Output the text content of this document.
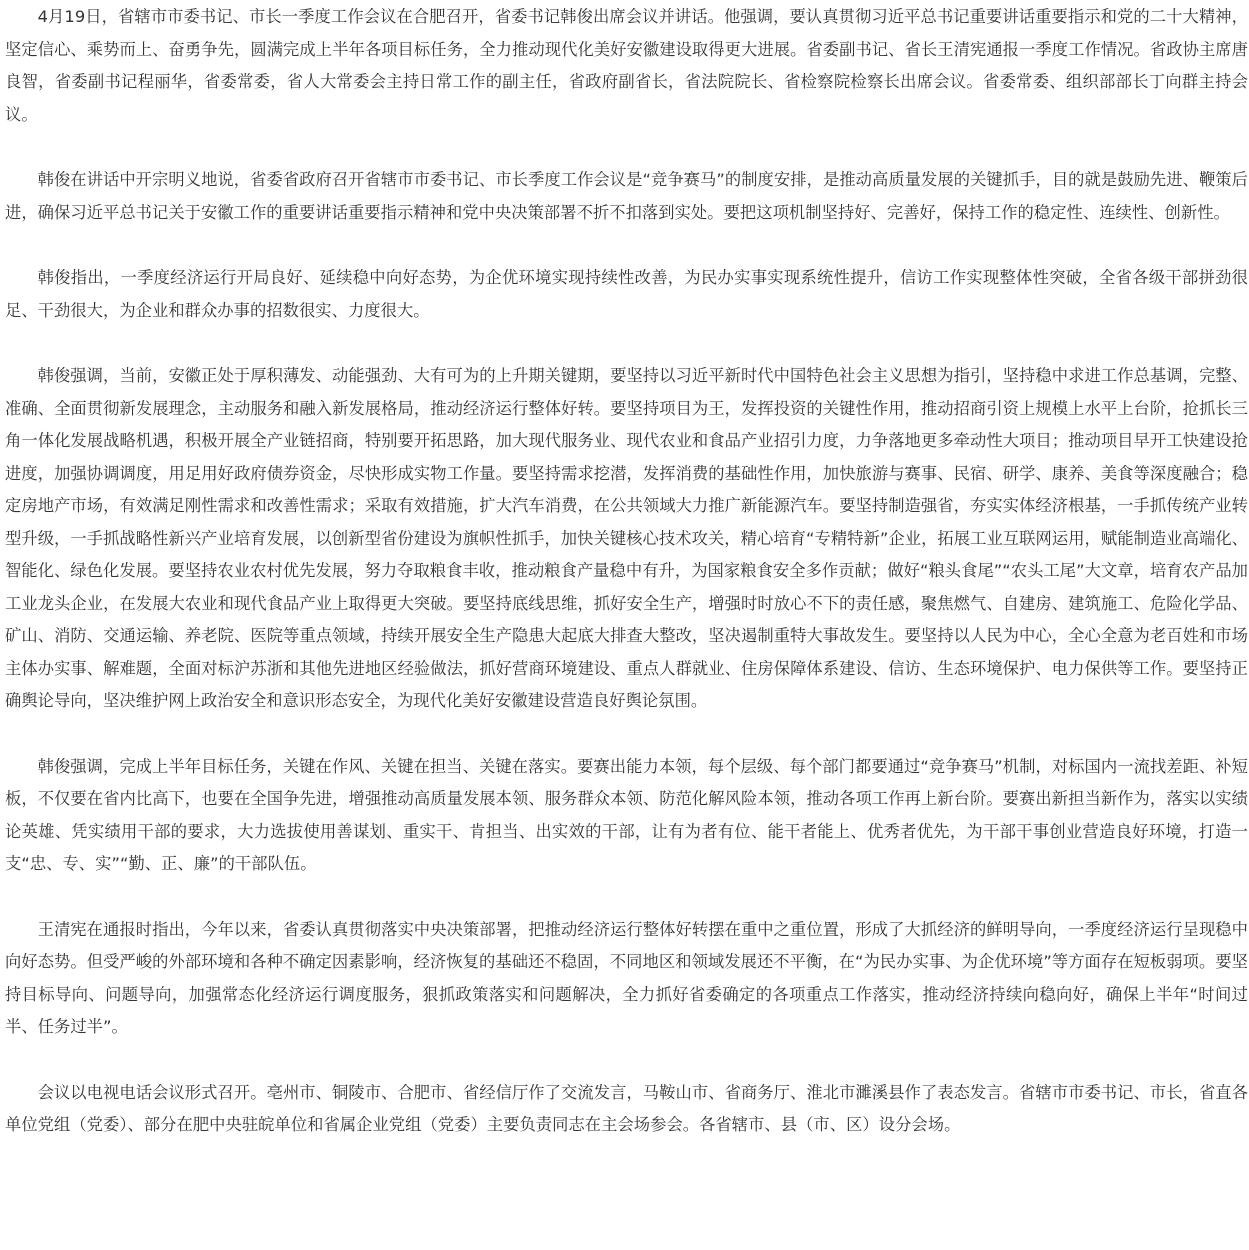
4月19日，省辖市市委书记、市长一季度工作会议在合肥召开，省委书记韩俊出席会议并讲话。他强调，要认真贯彻习近平总书记重要讲话重要指示和党的二十大精神，坚定信心、乘势而上、奋勇争先，圆满完成上半年各项目标任务，全力推动现代化美好安徽建设取得更大进展。省委副书记、省长王清宪通报一季度工作情况。省政协主席唐良智，省委副书记程丽华，省委常委，省人大常委会主持日常工作的副主任，省政府副省长，省法院院长、省检察院检察长出席会议。省委常委、组织部部长丁向群主持会议。

韩俊在讲话中开宗明义地说，省委省政府召开省辖市市委书记、市长季度工作会议是“竞争赛马”的制度安排，是推动高质量发展的关键抓手，目的就是鼓励先进、鞭策后进，确保习近平总书记关于安徽工作的重要讲话重要指示精神和党中央决策部署不折不扣落到实处。要把这项机制坚持好、完善好，保持工作的稳定性、连续性、创新性。

韩俊指出，一季度经济运行开局良好、延续稳中向好态势，为企优环境实现持续性改善，为民办实事实现系统性提升，信访工作实现整体性突破，全省各级干部拼劲很足、干劲很大，为企业和群众办事的招数很实、力度很大。

韩俊强调，当前，安徽正处于厚积薄发、动能强劲、大有可为的上升期关键期，要坚持以习近平新时代中国特色社会主义思想为指引，坚持稳中求进工作总基调，完整、准确、全面贯彻新发展理念，主动服务和融入新发展格局，推动经济运行整体好转。要坚持项目为王，发挥投资的关键性作用，推动招商引资上规模上水平上台阶，抢抓长三角一体化发展战略机遇，积极开展全产业链招商，特别要开拓思路，加大现代服务业、现代农业和食品产业招引力度，力争落地更多牵动性大项目；推动项目早开工快建设抢进度，加强协调调度，用足用好政府债券资金，尽快形成实物工作量。要坚持需求挖潜，发挥消费的基础性作用，加快旅游与赛事、民宿、研学、康养、美食等深度融合；稳定房地产市场，有效满足刚性需求和改善性需求；采取有效措施，扩大汽车消费，在公共领域大力推广新能源汽车。要坚持制造强省，夯实实体经济根基，一手抓传统产业转型升级，一手抓战略性新兴产业培育发展，以创新型省份建设为旗帜性抓手，加快关键核心技术攻关，精心培育“专精特新”企业，拓展工业互联网运用，赋能制造业高端化、智能化、绿色化发展。要坚持农业农村优先发展，努力夺取粮食丰收，推动粮食产量稳中有升，为国家粮食安全多作贡献；做好“粮头食尾”“农头工尾”大文章，培育农产品加工业龙头企业，在发展大农业和现代食品产业上取得更大突破。要坚持底线思维，抓好安全生产，增强时时放心不下的责任感，聚焦燃气、自建房、建筑施工、危险化学品、矿山、消防、交通运输、养老院、医院等重点领域，持续开展安全生产隐患大起底大排查大整改，坚决遏制重特大事故发生。要坚持以人民为中心，全心全意为老百姓和市场主体办实事、解难题，全面对标沪苏浙和其他先进地区经验做法，抓好营商环境建设、重点人群就业、住房保障体系建设、信访、生态环境保护、电力保供等工作。要坚持正确舆论导向，坚决维护网上政治安全和意识形态安全，为现代化美好安徽建设营造良好舆论氛围。

韩俊强调，完成上半年目标任务，关键在作风、关键在担当、关键在落实。要赛出能力本领，每个层级、每个部门都要通过“竞争赛马”机制，对标国内一流找差距、补短板，不仅要在省内比高下，也要在全国争先进，增强推动高质量发展本领、服务群众本领、防范化解风险本领，推动各项工作再上新台阶。要赛出新担当新作为，落实以实绩论英雄、凭实绩用干部的要求，大力选拔使用善谋划、重实干、肯担当、出实效的干部，让有为者有位、能干者能上、优秀者优先，为干部干事创业营造良好环境，打造一支“忠、专、实”“勤、正、廉”的干部队伍。

王清宪在通报时指出，今年以来，省委认真贯彻落实中央决策部署，把推动经济运行整体好转摆在重中之重位置，形成了大抓经济的鲜明导向，一季度经济运行呈现稳中向好态势。但受严峻的外部环境和各种不确定因素影响，经济恢复的基础还不稳固，不同地区和领域发展还不平衡，在“为民办实事、为企优环境”等方面存在短板弱项。要坚持目标导向、问题导向，加强常态化经济运行调度服务，狠抓政策落实和问题解决，全力抓好省委确定的各项重点工作落实，推动经济持续向稳向好，确保上半年“时间过半、任务过半”。

会议以电视电话会议形式召开。亳州市、铜陵市、合肥市、省经信厅作了交流发言，马鞍山市、省商务厅、淮北市濉溪县作了表态发言。省辖市市委书记、市长，省直各单位党组（党委）、部分在肥中央驻皖单位和省属企业党组（党委）主要负责同志在主会场参会。各省辖市、县（市、区）设分会场。
